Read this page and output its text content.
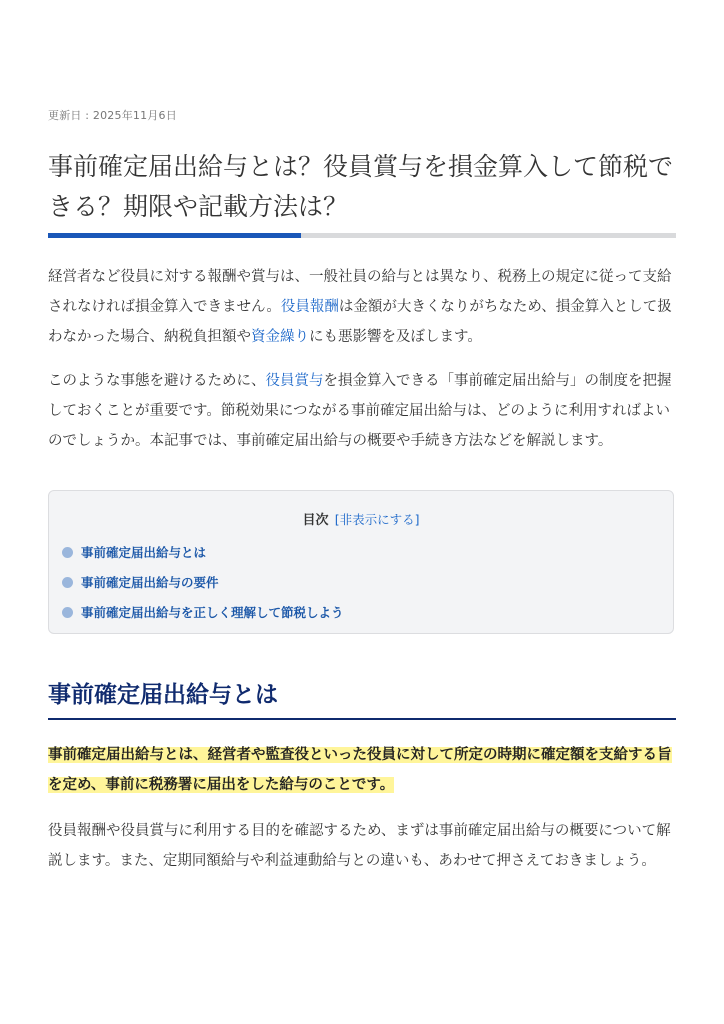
更新日 : 2025年11月6日
事前確定届出給与とは？役員賞与を損金算入して節税できる？期限や記載方法は？

経営者など役員に対する報酬や賞与は、一般社員の給与とは異なり、税務上の規定に従って支給されなければ損金算入できません。役員報酬は金額が大きくなりがちなため、損金算入として扱わなかった場合、納税負担額や資金繰りにも悪影響を及ぼします。

このような事態を避けるために、役員賞与を損金算入できる「事前確定届出給与」の制度を把握しておくことが重要です。節税効果につながる事前確定届出給与は、どのように利用すればよいのでしょうか。本記事では、事前確定届出給与の概要や手続き方法などを解説します。

目次 [非表示にする]
事前確定届出給与とは
事前確定届出給与の要件
事前確定届出給与を正しく理解して節税しよう
事前確定届出給与とは

事前確定届出給与とは、経営者や監査役といった役員に対して所定の時期に確定額を支給する旨を定め、事前に税務署に届出をした給与のことです。

役員報酬や役員賞与に利用する目的を確認するため、まずは事前確定届出給与の概要について解説します。また、定期同額給与や利益連動給与との違いも、あわせて押さえておきましょう。
